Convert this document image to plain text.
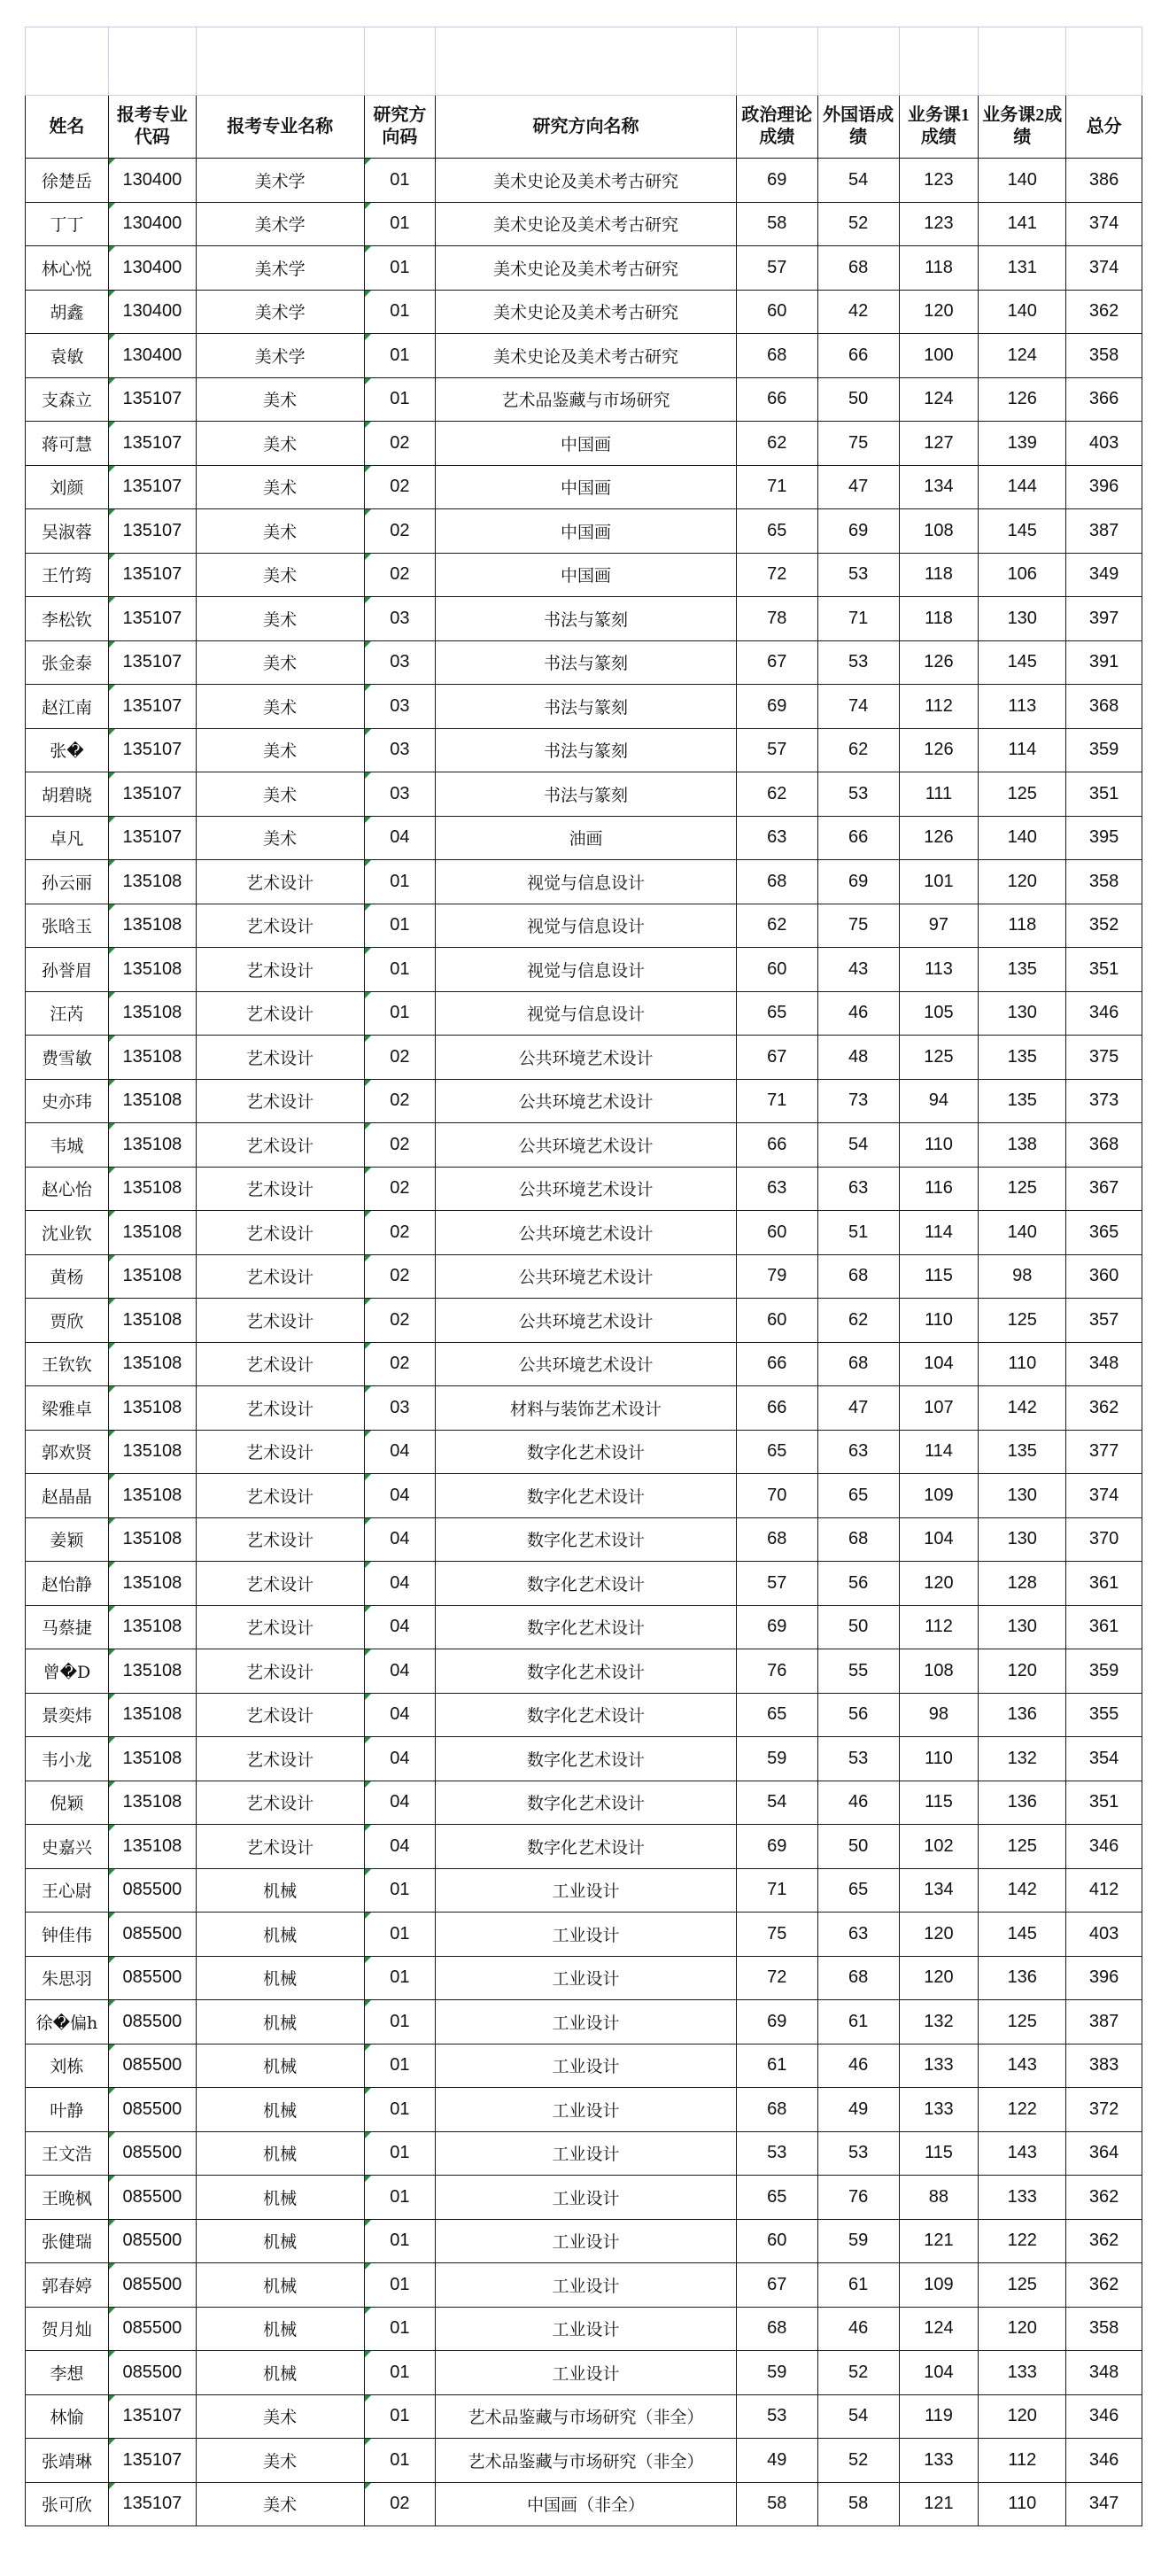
姓名	报考专业代码	报考专业名称	研究方向码	研究方向名称	政治理论成绩	外国语成绩	业务课1成绩	业务课2成绩	总分
徐楚岳	130400	美术学	01	美术史论及美术考古研究	69	54	123	140	386
丁丁	130400	美术学	01	美术史论及美术考古研究	58	52	123	141	374
林心悦	130400	美术学	01	美术史论及美术考古研究	57	68	118	131	374
胡鑫	130400	美术学	01	美术史论及美术考古研究	60	42	120	140	362
袁敏	130400	美术学	01	美术史论及美术考古研究	68	66	100	124	358
支森立	135107	美术	01	艺术品鉴藏与市场研究	66	50	124	126	366
蒋可慧	135107	美术	02	中国画	62	75	127	139	403
刘颜	135107	美术	02	中国画	71	47	134	144	396
吴淑蓉	135107	美术	02	中国画	65	69	108	145	387
王竹筠	135107	美术	02	中国画	72	53	118	106	349
李松钦	135107	美术	03	书法与篆刻	78	71	118	130	397
张金泰	135107	美术	03	书法与篆刻	67	53	126	145	391
赵江南	135107	美术	03	书法与篆刻	69	74	112	113	368
张�	135107	美术	03	书法与篆刻	57	62	126	114	359
胡碧晓	135107	美术	03	书法与篆刻	62	53	111	125	351
卓凡	135107	美术	04	油画	63	66	126	140	395
孙云丽	135108	艺术设计	01	视觉与信息设计	68	69	101	120	358
张晗玉	135108	艺术设计	01	视觉与信息设计	62	75	97	118	352
孙誉眉	135108	艺术设计	01	视觉与信息设计	60	43	113	135	351
汪芮	135108	艺术设计	01	视觉与信息设计	65	46	105	130	346
费雪敏	135108	艺术设计	02	公共环境艺术设计	67	48	125	135	375
史亦玮	135108	艺术设计	02	公共环境艺术设计	71	73	94	135	373
韦城	135108	艺术设计	02	公共环境艺术设计	66	54	110	138	368
赵心怡	135108	艺术设计	02	公共环境艺术设计	63	63	116	125	367
沈业钦	135108	艺术设计	02	公共环境艺术设计	60	51	114	140	365
黄杨	135108	艺术设计	02	公共环境艺术设计	79	68	115	98	360
贾欣	135108	艺术设计	02	公共环境艺术设计	60	62	110	125	357
王钦钦	135108	艺术设计	02	公共环境艺术设计	66	68	104	110	348
梁雅卓	135108	艺术设计	03	材料与装饰艺术设计	66	47	107	142	362
郭欢贤	135108	艺术设计	04	数字化艺术设计	65	63	114	135	377
赵晶晶	135108	艺术设计	04	数字化艺术设计	70	65	109	130	374
姜颖	135108	艺术设计	04	数字化艺术设计	68	68	104	130	370
赵怡静	135108	艺术设计	04	数字化艺术设计	57	56	120	128	361
马蔡捷	135108	艺术设计	04	数字化艺术设计	69	50	112	130	361
曾�D	135108	艺术设计	04	数字化艺术设计	76	55	108	120	359
景奕炜	135108	艺术设计	04	数字化艺术设计	65	56	98	136	355
韦小龙	135108	艺术设计	04	数字化艺术设计	59	53	110	132	354
倪颖	135108	艺术设计	04	数字化艺术设计	54	46	115	136	351
史嘉兴	135108	艺术设计	04	数字化艺术设计	69	50	102	125	346
王心尉	085500	机械	01	工业设计	71	65	134	142	412
钟佳伟	085500	机械	01	工业设计	75	63	120	145	403
朱思羽	085500	机械	01	工业设计	72	68	120	136	396
徐�偏h	085500	机械	01	工业设计	69	61	132	125	387
刘栋	085500	机械	01	工业设计	61	46	133	143	383
叶静	085500	机械	01	工业设计	68	49	133	122	372
王文浩	085500	机械	01	工业设计	53	53	115	143	364
王晚枫	085500	机械	01	工业设计	65	76	88	133	362
张健瑞	085500	机械	01	工业设计	60	59	121	122	362
郭春婷	085500	机械	01	工业设计	67	61	109	125	362
贺月灿	085500	机械	01	工业设计	68	46	124	120	358
李想	085500	机械	01	工业设计	59	52	104	133	348
林愉	135107	美术	01	艺术品鉴藏与市场研究（非全）	53	54	119	120	346
张靖琳	135107	美术	01	艺术品鉴藏与市场研究（非全）	49	52	133	112	346
张可欣	135107	美术	02	中国画（非全）	58	58	121	110	347
